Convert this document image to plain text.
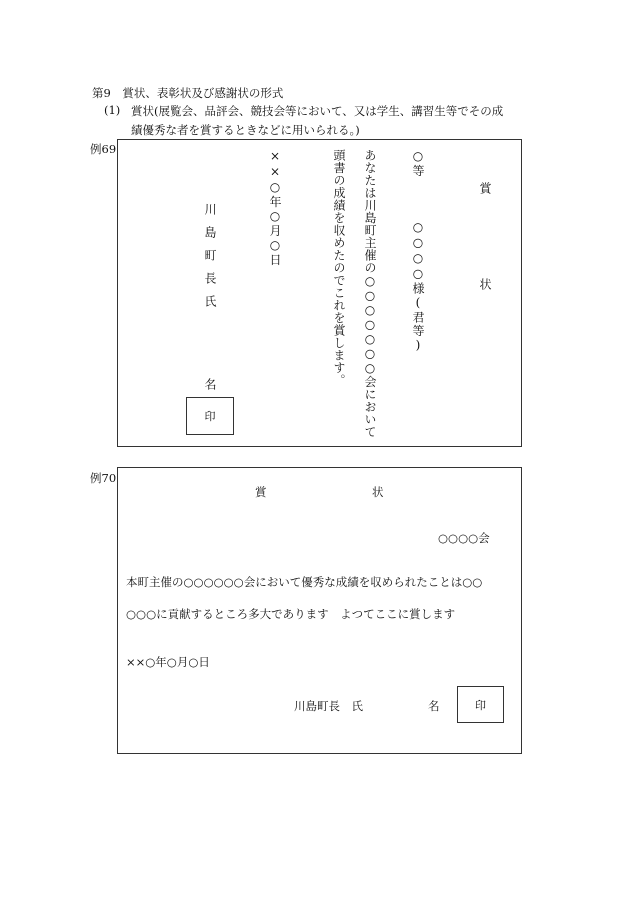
第9　賞状、表彰状及び感謝状の形式
(1) 賞状(展覧会、品評会、競技会等において、又は学生、講習生等でその成
績優秀な者を賞するときなどに用いられる。)
例69
賞
状
○等
○○○○様(君等)
あなたは川島町主催の○○○○○○○会において
頭書の成績を収めたのでこれを賞します。
××○年○月○日
川島町長氏
名
印
例70
賞	状
○○○○会
本町主催の○○○○○○会において優秀な成績を収められたことは○○
○○○に貢献するところ多大であります　よつてここに賞します
××○年○月○日
川島町長　氏	名	印
